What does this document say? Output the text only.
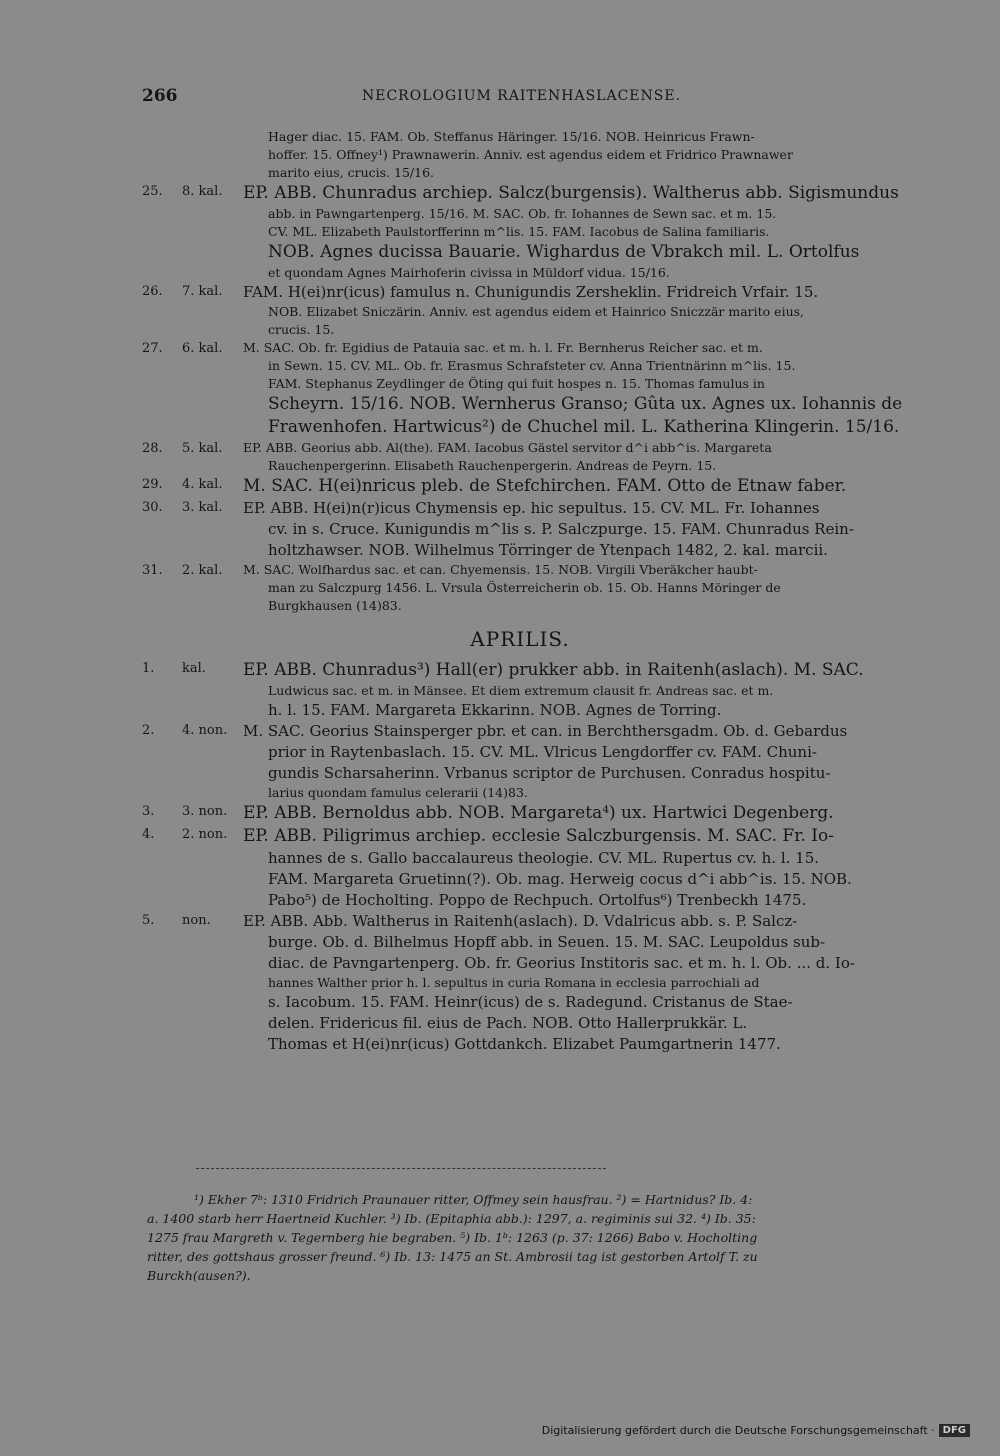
266	NECROLOGIUM RAITENHASLACENSE.
Hager diac. 15. FAM. Ob. Steffanus Häringer. 15/16. NOB. Heinricus Frawn-
hoffer. 15. Offney¹) Prawnawerin. Anniv. est agendus eidem et Fridrico Prawnawer
marito eius, crucis. 15/16.
25.	8. kal.	EP. ABB. Chunradus archiep. Salcz(burgensis). Waltherus abb. Sigismundus
abb. in Pawngartenperg. 15/16. M. SAC. Ob. fr. Iohannes de Sewn sac. et m. 15.
CV. ML. Elizabeth Paulstorfferinn m^lis. 15. FAM. Iacobus de Salina familiaris.
NOB. Agnes ducissa Bauarie. Wighardus de Vbrakch mil. L. Ortolfus
et quondam Agnes Mairhoferin civissa in Müldorf vidua. 15/16.
26.	7. kal.	FAM. H(ei)nr(icus) famulus n. Chunigundis Zersheklin. Fridreich Vrfair. 15.
NOB. Elizabet Sniczärin. Anniv. est agendus eidem et Hainrico Sniczzär marito eius,
crucis. 15.
27.	6. kal.	M. SAC. Ob. fr. Egidius de Patauia sac. et m. h. l. Fr. Bernherus Reicher sac. et m.
in Sewn. 15. CV. ML. Ob. fr. Erasmus Schrafsteter cv. Anna Trientnärinn m^lis. 15.
FAM. Stephanus Zeydlinger de Öting qui fuit hospes n. 15. Thomas famulus in
Scheyrn. 15/16. NOB. Wernherus Granso; Gûta ux. Agnes ux. Iohannis de
Frawenhofen. Hartwicus²) de Chuchel mil. L. Katherina Klingerin. 15/16.
28.	5. kal.	EP. ABB. Georius abb. Al(the). FAM. Iacobus Gästel servitor d^i abb^is. Margareta
Rauchenpergerinn. Elisabeth Rauchenpergerin. Andreas de Peyrn. 15.
29.	4. kal.	M. SAC. H(ei)nricus pleb. de Stefchirchen. FAM. Otto de Etnaw faber.
30.	3. kal.	EP. ABB. H(ei)n(r)icus Chymensis ep. hic sepultus. 15. CV. ML. Fr. Iohannes
cv. in s. Cruce. Kunigundis m^lis s. P. Salczpurge. 15. FAM. Chunradus Rein-
holtzhawser. NOB. Wilhelmus Törringer de Ytenpach 1482, 2. kal. marcii.
31.	2. kal.	M. SAC. Wolfhardus sac. et can. Chyemensis. 15. NOB. Virgili Vberäkcher haubt-
man zu Salczpurg 1456. L. Vrsula Österreicherin ob. 15. Ob. Hanns Möringer de
Burgkhausen (14)83.
APRILIS.
1.	kal.	EP. ABB. Chunradus³) Hall(er) prukker abb. in Raitenh(aslach). M. SAC.
Ludwicus sac. et m. in Mänsee. Et diem extremum clausit fr. Andreas sac. et m.
h. l. 15. FAM. Margareta Ekkarinn. NOB. Agnes de Torring.
2.	4. non.	M. SAC. Georius Stainsperger pbr. et can. in Berchthersgadm. Ob. d. Gebardus
prior in Raytenbaslach. 15. CV. ML. Vlricus Lengdorffer cv. FAM. Chuni-
gundis Scharsaherinn. Vrbanus scriptor de Purchusen. Conradus hospitu-
larius quondam famulus celerarii (14)83.
3.	3. non. EP. ABB. Bernoldus abb. NOB. Margareta⁴) ux. Hartwici Degenberg.
4.	2. non. EP. ABB. Piligrimus archiep. ecclesie Salczburgensis. M. SAC. Fr. Io-
hannes de s. Gallo baccalaureus theologie. CV. ML. Rupertus cv. h. l. 15.
FAM. Margareta Gruetinn(?). Ob. mag. Herweig cocus d^i abb^is. 15. NOB.
Pabo⁵) de Hocholting. Poppo de Rechpuch. Ortolfus⁶) Trenbeckh 1475.
5.	non.	EP. ABB. Abb. Waltherus in Raitenh(aslach). D. Vdalricus abb. s. P. Salcz-
burge. Ob. d. Bilhelmus Hopff abb. in Seuen. 15. M. SAC. Leupoldus sub-
diac. de Pavngartenperg. Ob. fr. Georius Institoris sac. et m. h. l. Ob. ... d. Io-
hannes Walther prior h. l. sepultus in curia Romana in ecclesia parrochiali ad
s. Iacobum. 15. FAM. Heinr(icus) de s. Radegund. Cristanus de Stae-
delen. Fridericus fil. eius de Pach. NOB. Otto Hallerprukkär. L.
Thomas et H(ei)nr(icus) Gottdankch. Elizabet Paumgartnerin 1477.
¹) Ekher 7ᵇ: 1310 Fridrich Praunauer ritter, Offmey sein hausfrau. ²) = Hartnidus? Ib. 4:
a. 1400 starb herr Haertneid Kuchler. ³) Ib. (Epitaphia abb.): 1297, a. regiminis sui 32. ⁴) Ib. 35:
1275 frau Margreth v. Tegernberg hie begraben. ⁵) Ib. 1ᵇ: 1263 (p. 37: 1266) Babo v. Hocholting
ritter, des gottshaus grosser freund. ⁶) Ib. 13: 1475 an St. Ambrosii tag ist gestorben Artolf T. zu
Burckh(ausen?).
Digitalisierung gefördert durch die Deutsche Forschungsgemeinschaft · DFG
